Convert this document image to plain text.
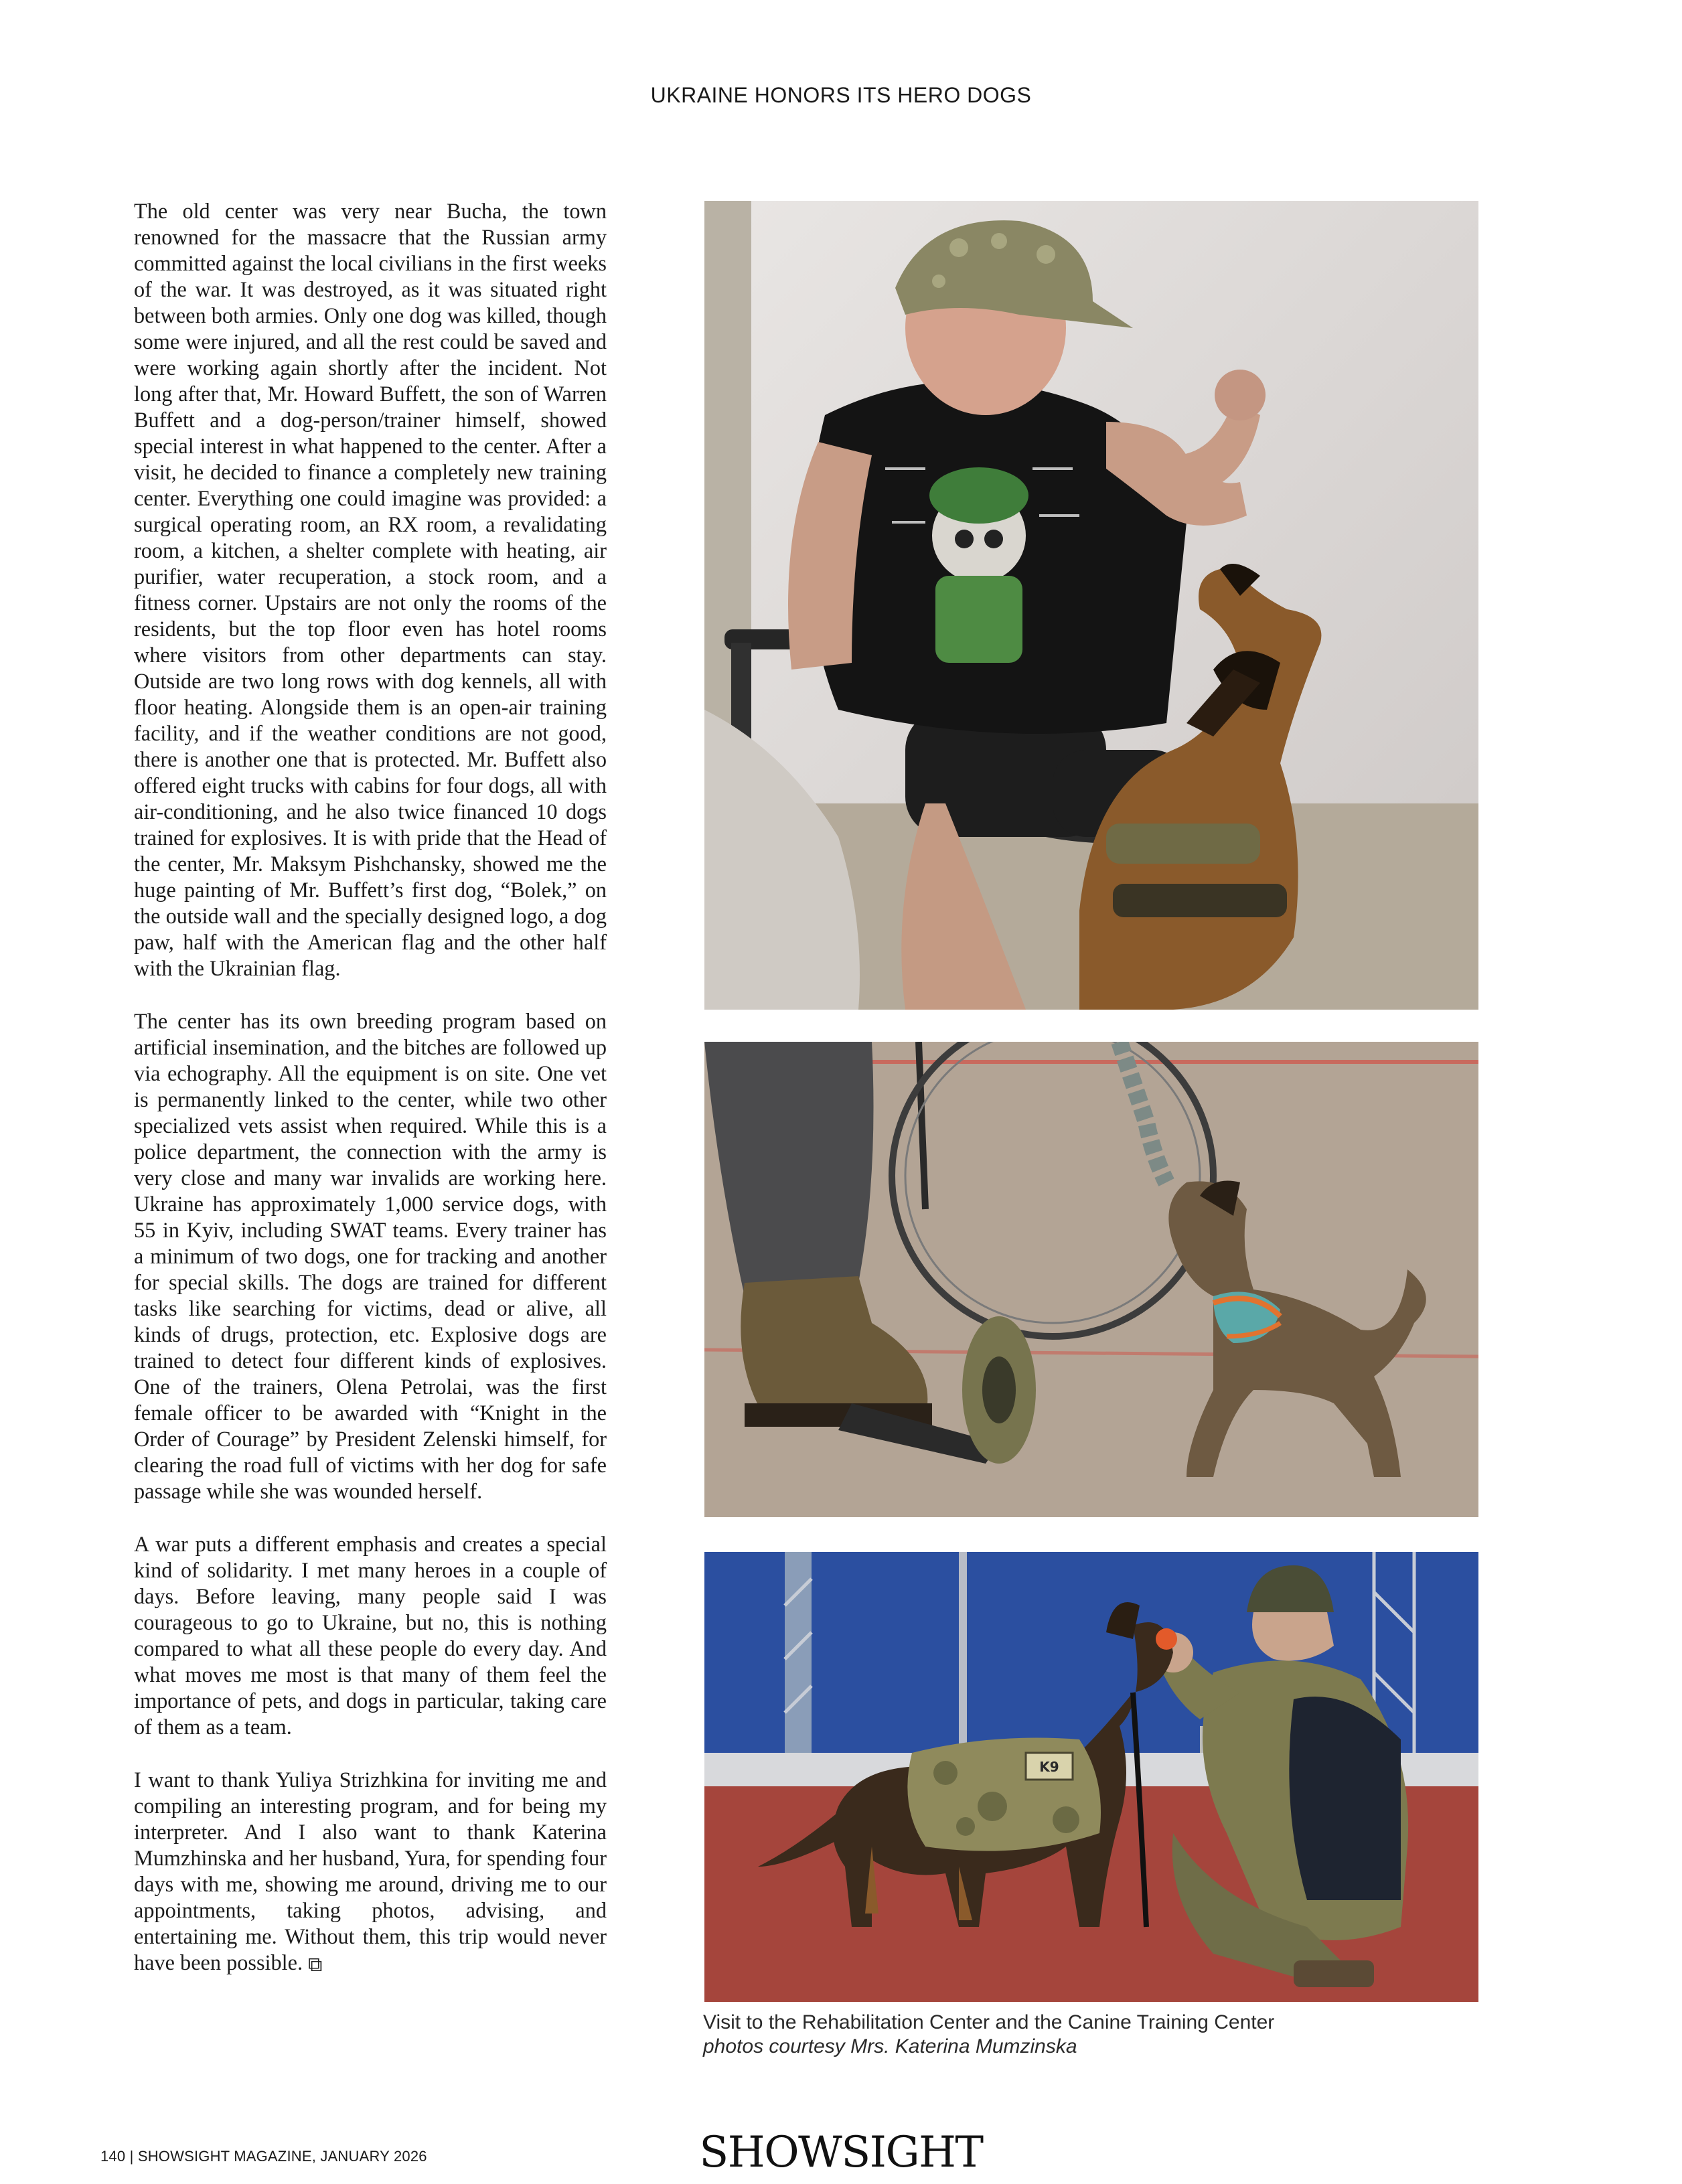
UKRAINE HONORS ITS HERO DOGS

The old center was very near Bucha, the town renowned for the massacre that the Russian army committed against the local civilians in the first weeks of the war. It was destroyed, as it was situated right between both armies. Only one dog was killed, though some were injured, and all the rest could be saved and were working again shortly after the incident. Not long after that, Mr. Howard Buffett, the son of Warren Buffett and a dog-person/trainer himself, showed special interest in what happened to the center. After a visit, he decided to finance a completely new training center. Everything one could imagine was provided: a surgical operating room, an RX room, a revalidating room, a kitchen, a shelter complete with heating, air purifier, water recuperation, a stock room, and a fitness corner. Upstairs are not only the rooms of the residents, but the top floor even has hotel rooms where visitors from other departments can stay. Outside are two long rows with dog kennels, all with floor heating. Alongside them is an open-air training facility, and if the weather conditions are not good, there is another one that is protected. Mr. Buffett also offered eight trucks with cabins for four dogs, all with air-conditioning, and he also twice financed 10 dogs trained for explosives. It is with pride that the Head of the center, Mr. Maksym Pishchansky, showed me the huge painting of Mr. Buffett’s first dog, “Bolek,” on the outside wall and the specially designed logo, a dog paw, half with the American flag and the other half with the Ukrainian flag.

The center has its own breeding program based on artificial insemination, and the bitches are followed up via echography. All the equipment is on site. One vet is permanently linked to the center, while two other specialized vets assist when required. While this is a police department, the connection with the army is very close and many war invalids are working here. Ukraine has approximately 1,000 service dogs, with 55 in Kyiv, including SWAT teams. Every trainer has a minimum of two dogs, one for tracking and another for special skills. The dogs are trained for different tasks like searching for victims, dead or alive, all kinds of drugs, protection, etc. Explosive dogs are trained to detect four different kinds of explosives. One of the trainers, Olena Petrolai, was the first female officer to be awarded with “Knight in the Order of Courage” by President Zelenski himself, for clearing the road full of victims with her dog for safe passage while she was wounded herself.

A war puts a different emphasis and creates a special kind of solidarity. I met many heroes in a couple of days. Before leaving, many people said I was courageous to go to Ukraine, but no, this is nothing compared to what all these people do every day. And what moves me most is that many of them feel the importance of pets, and dogs in particular, taking care of them as a team.

I want to thank Yuliya Strizhkina for inviting me and compiling an interesting program, and for being my interpreter. And I also want to thank Katerina Mumzhinska and her husband, Yura, for spending four days with me, showing me around, driving me to our appointments, taking photos, advising, and entertaining me. Without them, this trip would never have been possible. ⧉

K9
Visit to the Rehabilitation Center and the Canine Training Center
photos courtesy Mrs. Katerina Mumzinska
140 | SHOWSIGHT MAGAZINE, JANUARY 2026	SHOWSIGHT
